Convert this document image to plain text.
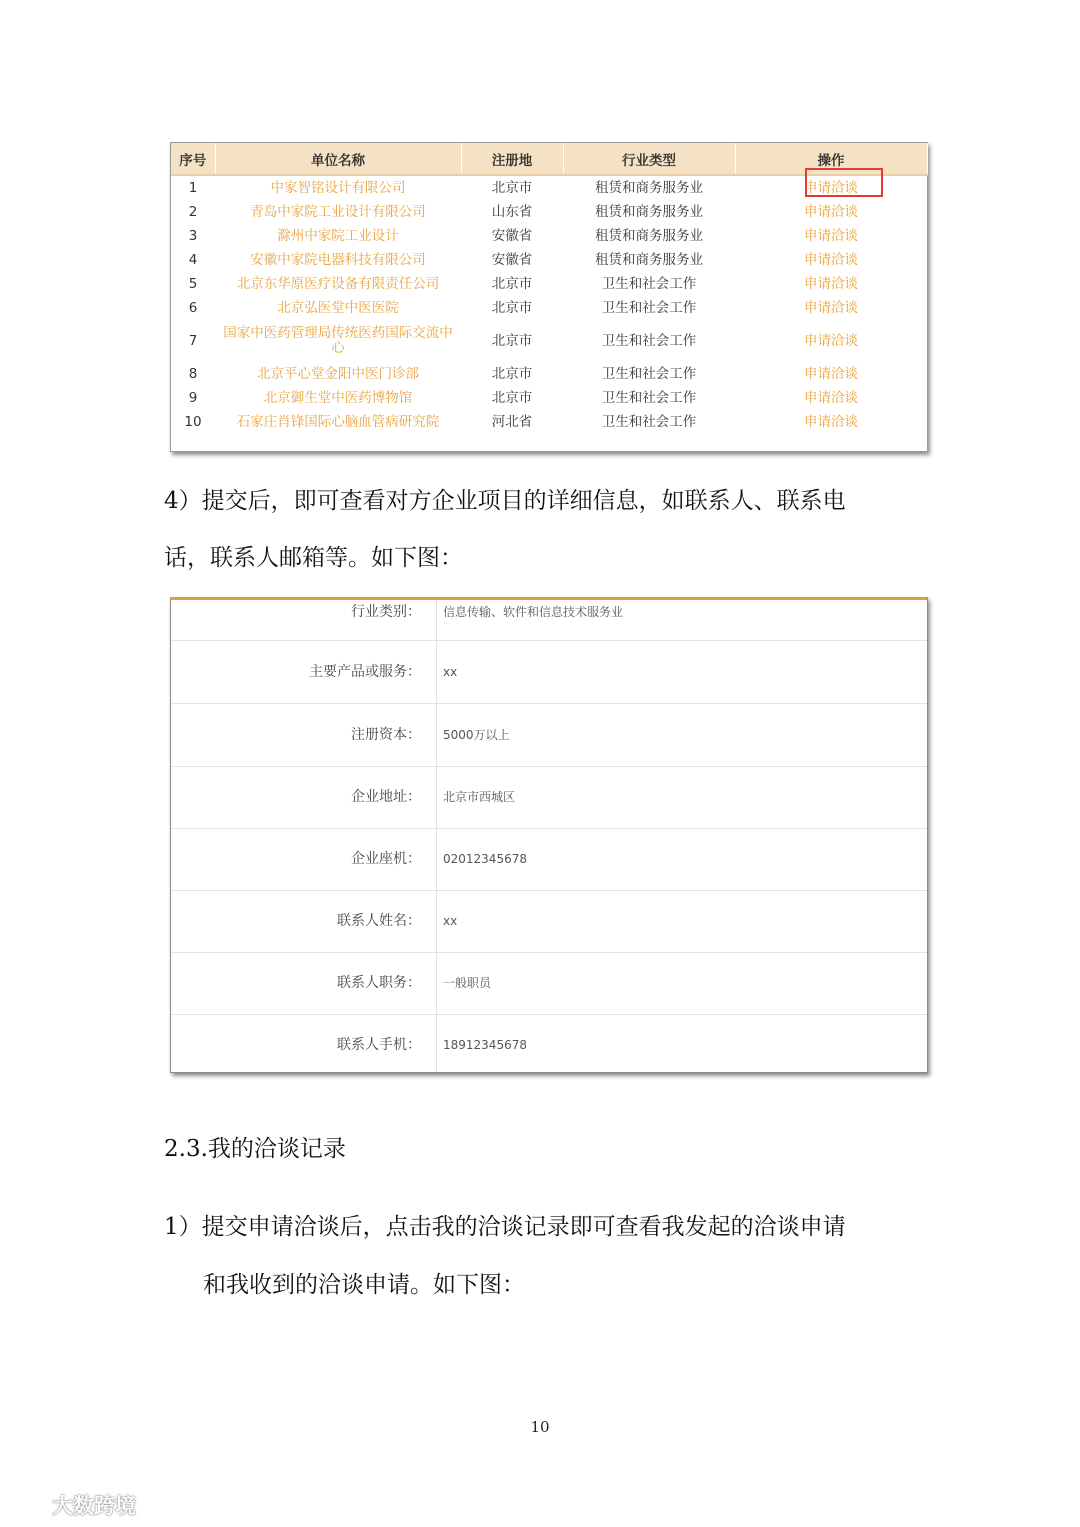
序号	单位名称	注册地	行业类型	操作
1	中家智铭设计有限公司	北京市	租赁和商务服务业	申请洽谈
2	青岛中家院工业设计有限公司	山东省	租赁和商务服务业	申请洽谈
3	滁州中家院工业设计	安徽省	租赁和商务服务业	申请洽谈
4	安徽中家院电器科技有限公司	安徽省	租赁和商务服务业	申请洽谈
5	北京东华原医疗设备有限责任公司	北京市	卫生和社会工作	申请洽谈
6	北京弘医堂中医医院	北京市	卫生和社会工作	申请洽谈
7	国家中医药管理局传统医药国际交流中心	北京市	卫生和社会工作	申请洽谈
8	北京平心堂金阳中医门诊部	北京市	卫生和社会工作	申请洽谈
9	北京御生堂中医药博物馆	北京市	卫生和社会工作	申请洽谈
10	石家庄肖锋国际心脑血管病研究院	河北省	卫生和社会工作	申请洽谈
4）提交后，即可查看对方企业项目的详细信息，如联系人、联系电
话，联系人邮箱等。如下图：
行业类别： 信息传输、软件和信息技术服务业
主要产品或服务： xx
注册资本： 5000万以上
企业地址： 北京市西城区
企业座机： 02012345678
联系人姓名： xx
联系人职务： 一般职员
联系人手机： 18912345678
2.3.我的洽谈记录
1）提交申请洽谈后，点击我的洽谈记录即可查看我发起的洽谈申请
和我收到的洽谈申请。如下图：
10
大数跨境
